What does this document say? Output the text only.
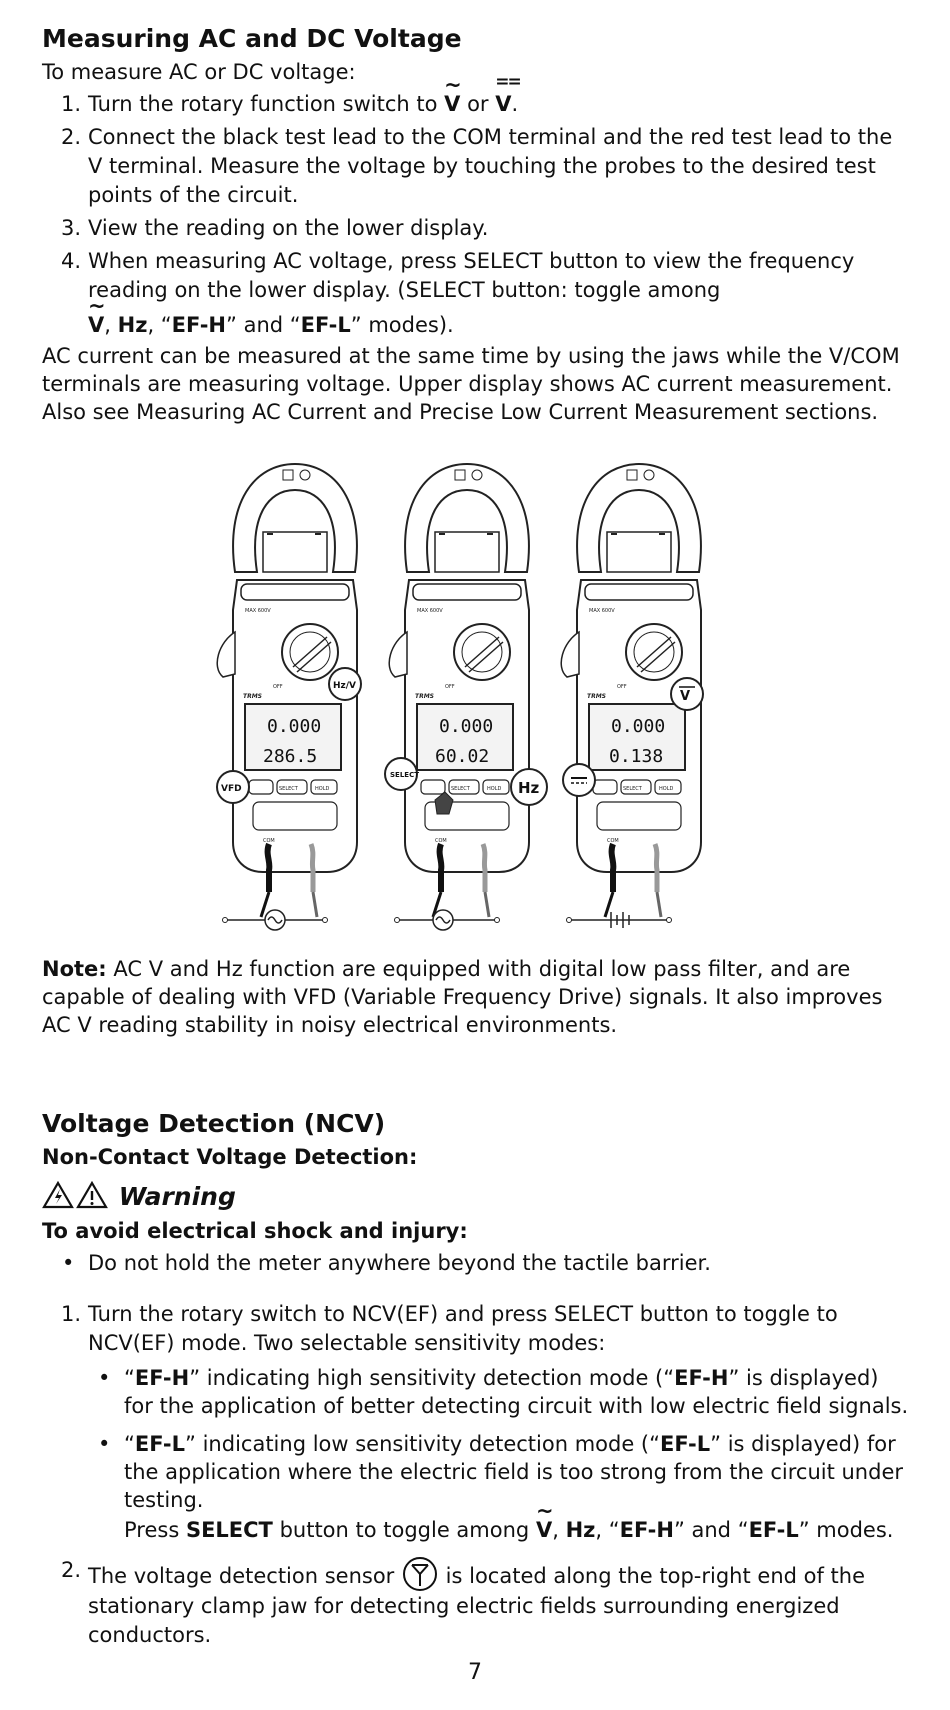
Measuring AC and DC Voltage

To measure AC or DC voltage:

1. Turn the rotary function switch to ~ V or == V.
2. Connect the black test lead to the COM terminal and the red test lead to the V terminal. Measure the voltage by touching the probes to the desired test points of the circuit.
3. View the reading on the lower display.
4. When measuring AC voltage, press SELECT button to view the frequency reading on the lower display. (SELECT button: toggle among
~ V, Hz, “EF-H” and “EF-L” modes).

AC current can be measured at the same time by using the jaws while the V/COM terminals are measuring voltage. Upper display shows AC current measurement. Also see Measuring AC Current and Precise Low Current Measurement sections.

0.000
286.5
Hz/V
VFD
0.000
60.02
SELECT
Hz
0.000
0.138
V

Note: AC V and Hz function are equipped with digital low pass filter, and are capable of dealing with VFD (Variable Frequency Drive) signals. It also improves AC V reading stability in noisy electrical environments.

Voltage Detection (NCV)

Non-Contact Voltage Detection:

Warning

To avoid electrical shock and injury:

• Do not hold the meter anywhere beyond the tactile barrier.
1. Turn the rotary switch to NCV(EF) and press SELECT button to toggle to NCV(EF) mode. Two selectable sensitivity modes:
• “EF-H” indicating high sensitivity detection mode (“EF-H” is displayed) for the application of better detecting circuit with low electric field signals.
• “EF-L” indicating low sensitivity detection mode (“EF-L” is displayed) for the application where the electric field is too strong from the circuit under testing.
Press SELECT button to toggle among ~ V, Hz, “EF-H” and “EF-L” modes.
2. The voltage detection sensor  is located along the top-right end of the stationary clamp jaw for detecting electric fields surrounding energized conductors.
7
